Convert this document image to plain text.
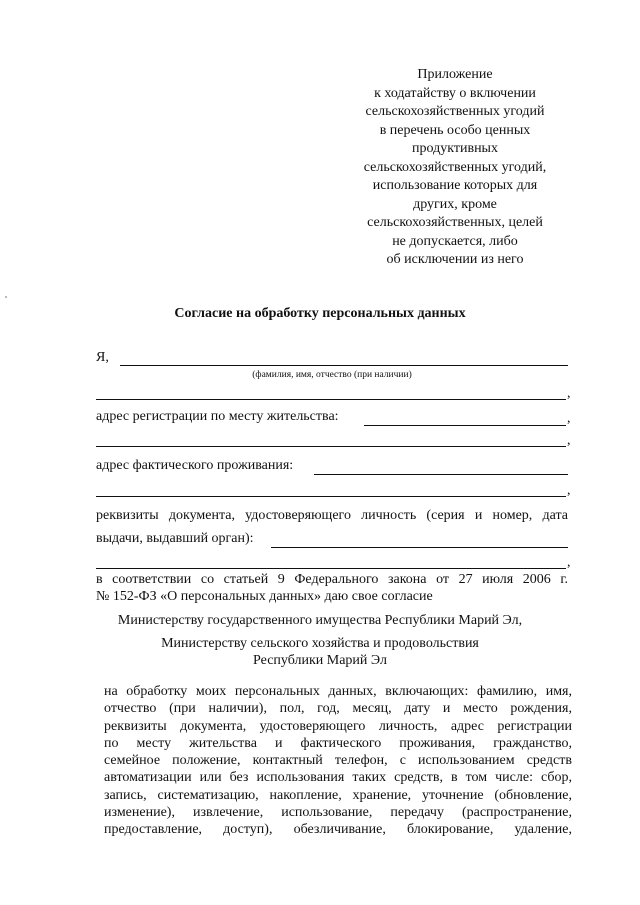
Приложение
к ходатайству о включении
сельскохозяйственных угодий
в перечень особо ценных
продуктивных
сельскохозяйственных угодий,
использование которых для
других, кроме
сельскохозяйственных, целей
не допускается, либо
об исключении из него
Согласие на обработку персональных данных
Я,
(фамилия, имя, отчество (при наличии)
,
адрес регистрации по месту жительства:	,
,
адрес фактического проживания:
,
реквизиты документа, удостоверяющего личность (серия и номер, дата
выдачи, выдавший орган):
,
в соответствии со статьей 9 Федерального закона от 27 июля 2006 г.
№ 152-ФЗ «О персональных данных» даю свое согласие
Министерству государственного имущества Республики Марий Эл,
Министерству сельского хозяйства и продовольствия
Республики Марий Эл
на обработку моих персональных данных, включающих: фамилию, имя,
отчество (при наличии), пол, год, месяц, дату и место рождения,
реквизиты документа, удостоверяющего личность, адрес регистрации
по месту жительства и фактического проживания, гражданство,
семейное положение, контактный телефон, с использованием средств
автоматизации или без использования таких средств, в том числе: сбор,
запись, систематизацию, накопление, хранение, уточнение (обновление,
изменение), извлечение, использование, передачу (распространение,
предоставление, доступ), обезличивание, блокирование, удаление,
